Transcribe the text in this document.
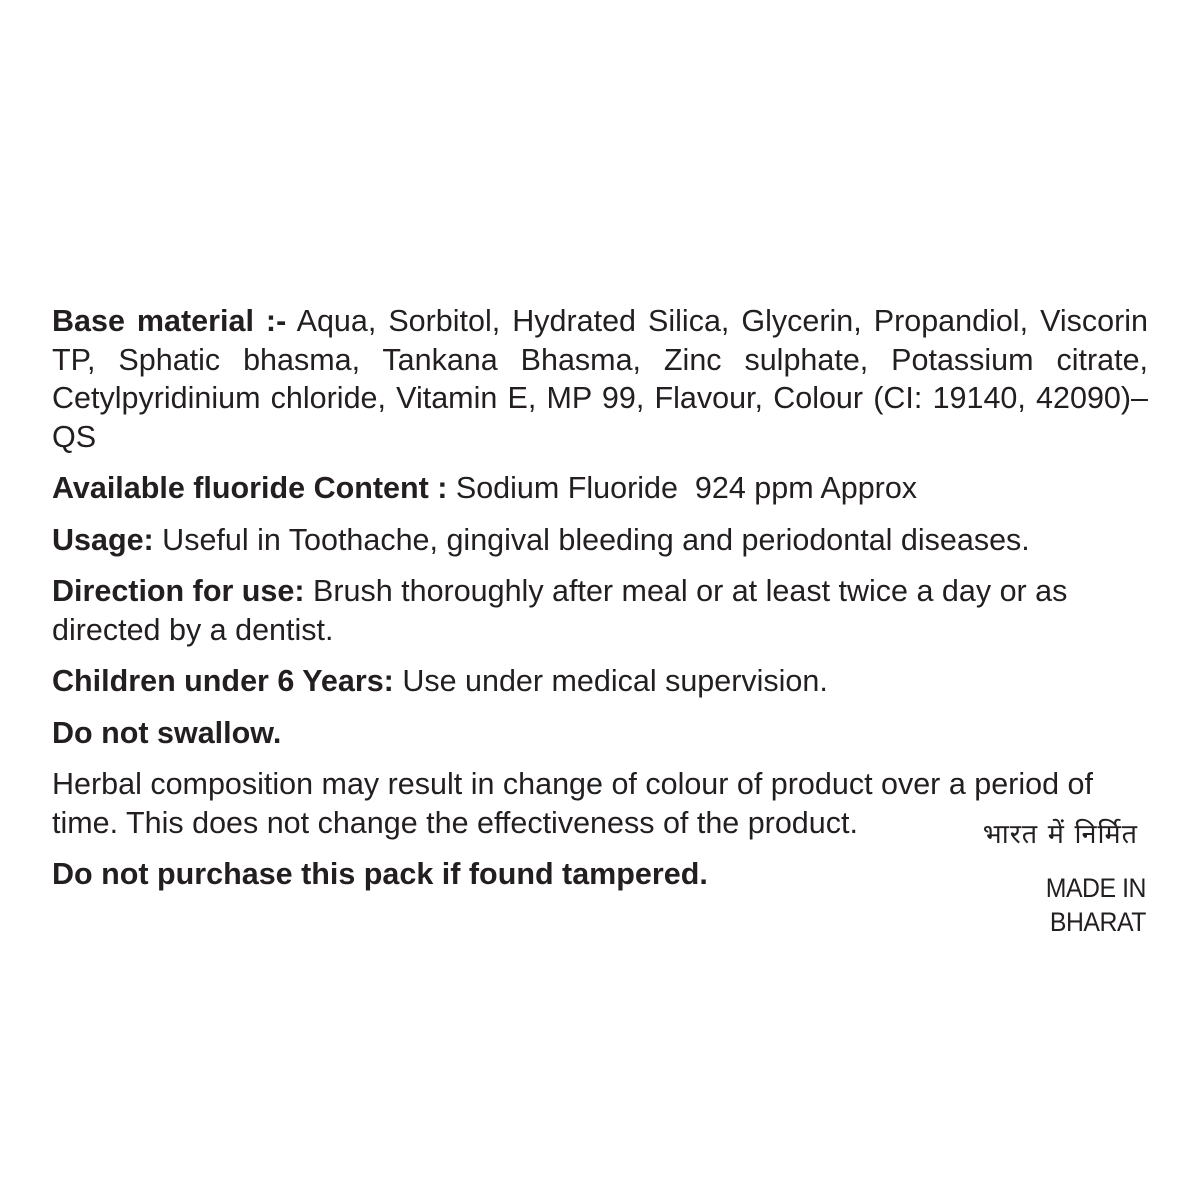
Base material :- Aqua, Sorbitol, Hydrated Silica, Glycerin, Propandiol, Viscorin TP, Sphatic bhasma, Tankana Bhasma, Zinc sulphate, Potassium citrate, Cetylpyridinium chloride, Vitamin E, MP 99, Flavour, Colour (CI: 19140, 42090)–QS

Available fluoride Content : Sodium Fluoride  924 ppm Approx

Usage: Useful in Toothache, gingival bleeding and periodontal diseases.

Direction for use: Brush thoroughly after meal or at least twice a day or as directed by a dentist.

Children under 6 Years: Use under medical supervision.

Do not swallow.

Herbal composition may result in change of colour of product over a period of time. This does not change the effectiveness of the product.

Do not purchase this pack if found tampered.

भारत में निर्मित
MADE IN BHARAT
